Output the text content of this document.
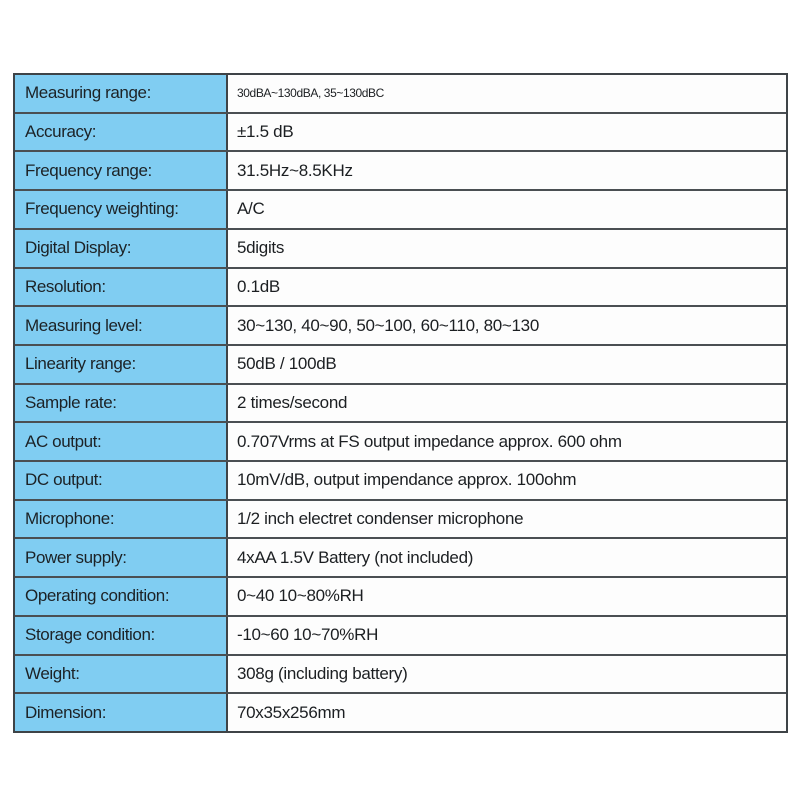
Measuring range:	30dBA~130dBA, 35~130dBC
Accuracy:	±1.5 dB
Frequency range:	31.5Hz~8.5KHz
Frequency weighting:	A/C
Digital Display:	5digits
Resolution:	0.1dB
Measuring level:	30~130, 40~90, 50~100, 60~110, 80~130
Linearity range:	50dB / 100dB
Sample rate:	2 times/second
AC output:	0.707Vrms at FS output impedance approx. 600 ohm
DC output:	10mV/dB, output impendance approx. 100ohm
Microphone:	1/2 inch electret condenser microphone
Power supply:	4xAA 1.5V Battery (not included)
Operating condition:	0~40 10~80%RH
Storage condition:	-10~60 10~70%RH
Weight:	308g (including battery)
Dimension:	70x35x256mm
